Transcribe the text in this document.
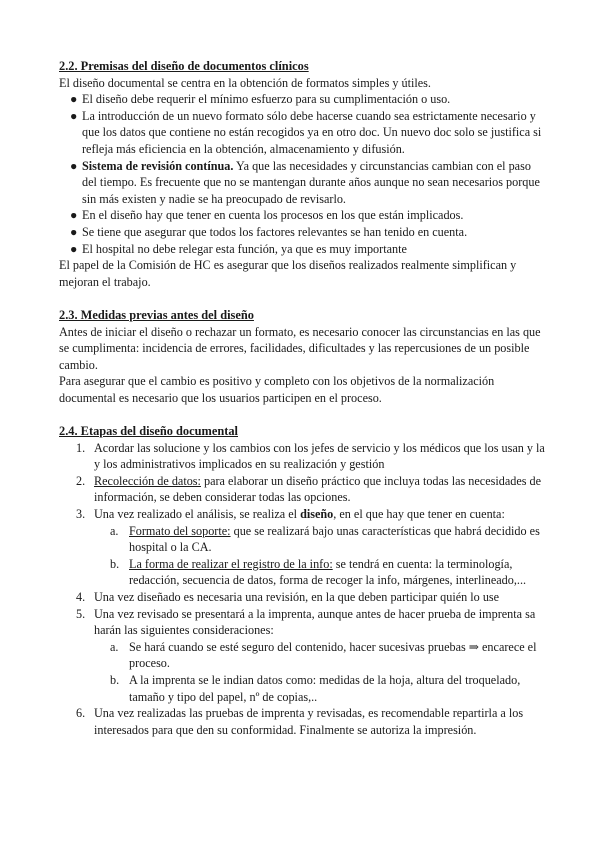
2.2. Premisas del diseño de documentos clínicos

El diseño documental se centra en la obtención de formatos simples y útiles.

● El diseño debe requerir el mínimo esfuerzo para su cumplimentación o uso.
● La introducción de un nuevo formato sólo debe hacerse cuando sea estrictamente necesario y que los datos que contiene no están recogidos ya en otro doc. Un nuevo doc solo se justifica si refleja más eficiencia en la obtención, almacenamiento y difusión.
● Sistema de revisión contínua. Ya que las necesidades y circunstancias cambian con el paso del tiempo. Es frecuente que no se mantengan durante años aunque no sean necesarios porque sin más existen y nadie se ha preocupado de revisarlo.
● En el diseño hay que tener en cuenta los procesos en los que están implicados.
● Se tiene que asegurar que todos los factores relevantes se han tenido en cuenta.
● El hospital no debe relegar esta función, ya que es muy importante

El papel de la Comisión de HC es asegurar que los diseños realizados realmente simplifican y mejoran el trabajo.

2.3. Medidas previas antes del diseño

Antes de iniciar el diseño o rechazar un formato, es necesario conocer las circunstancias en las que se cumplimenta: incidencia de errores, facilidades, dificultades y las repercusiones de un posible cambio.

Para asegurar que el cambio es positivo y completo con los objetivos de la normalización documental es necesario que los usuarios participen en el proceso.

2.4. Etapas del diseño documental
1. Acordar las solucione y los cambios con los jefes de servicio y los médicos que los usan y la y los administrativos implicados en su realización y gestión
2. Recolección de datos: para elaborar un diseño práctico que incluya todas las necesidades de información, se deben considerar todas las opciones.
3. Una vez realizado el análisis, se realiza el diseño, en el que hay que tener en cuenta:
a. Formato del soporte: que se realizará bajo unas características que habrá decidido es hospital o la CA.
b. La forma de realizar el registro de la info: se tendrá en cuenta: la terminología, redacción, secuencia de datos, forma de recoger la info, márgenes, interlineado,...
4. Una vez diseñado es necesaria una revisión, en la que deben participar quién lo use
5. Una vez revisado se presentará a la imprenta, aunque antes de hacer prueba de imprenta sa harán las siguientes consideraciones:
a. Se hará cuando se esté seguro del contenido, hacer sucesivas pruebas ⇒ encarece el proceso.
b. A la imprenta se le indian datos como: medidas de la hoja, altura del troquelado, tamaño y tipo del papel, nº de copias,..
6. Una vez realizadas las pruebas de imprenta y revisadas, es recomendable repartirla a los interesados para que den su conformidad. Finalmente se autoriza la impresión.
